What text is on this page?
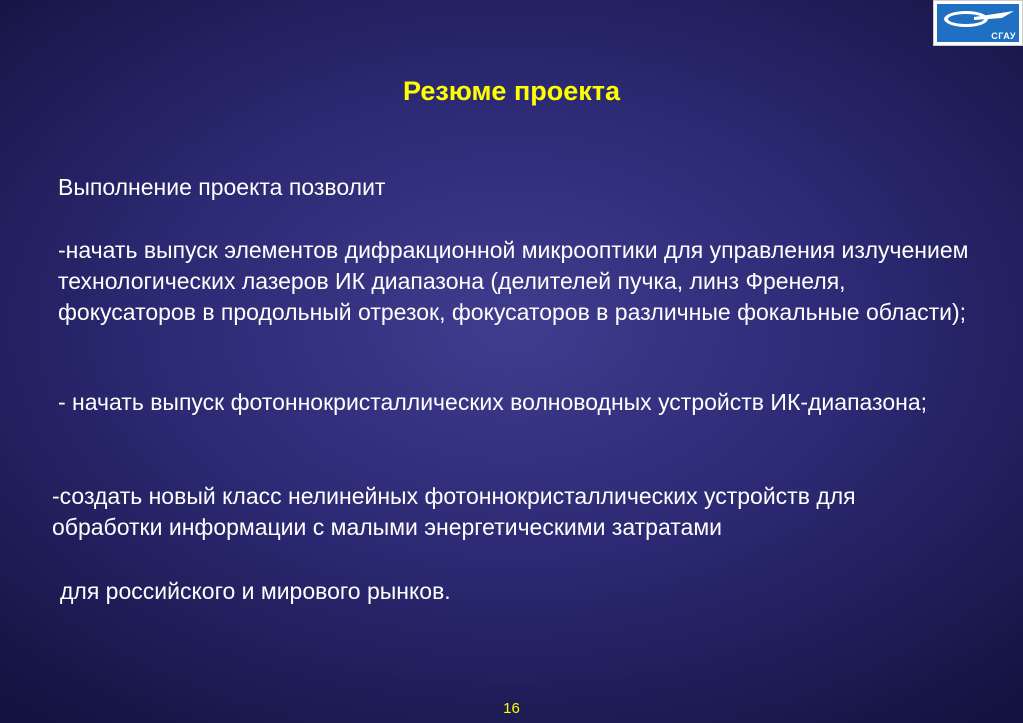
СГАУ
Резюме проекта

Выполнение проекта позволит

-начать выпуск элементов дифракционной микрооптики для управления излучением технологических лазеров ИК диапазона (делителей пучка, линз Френеля, фокусаторов в продольный отрезок, фокусаторов в различные фокальные области);

- начать выпуск фотоннокристаллических волноводных устройств ИК-диапазона;

-создать новый класс нелинейных фотоннокристаллических устройств для обработки информации с малыми энергетическими затратами

для российского и мирового рынков.

16
